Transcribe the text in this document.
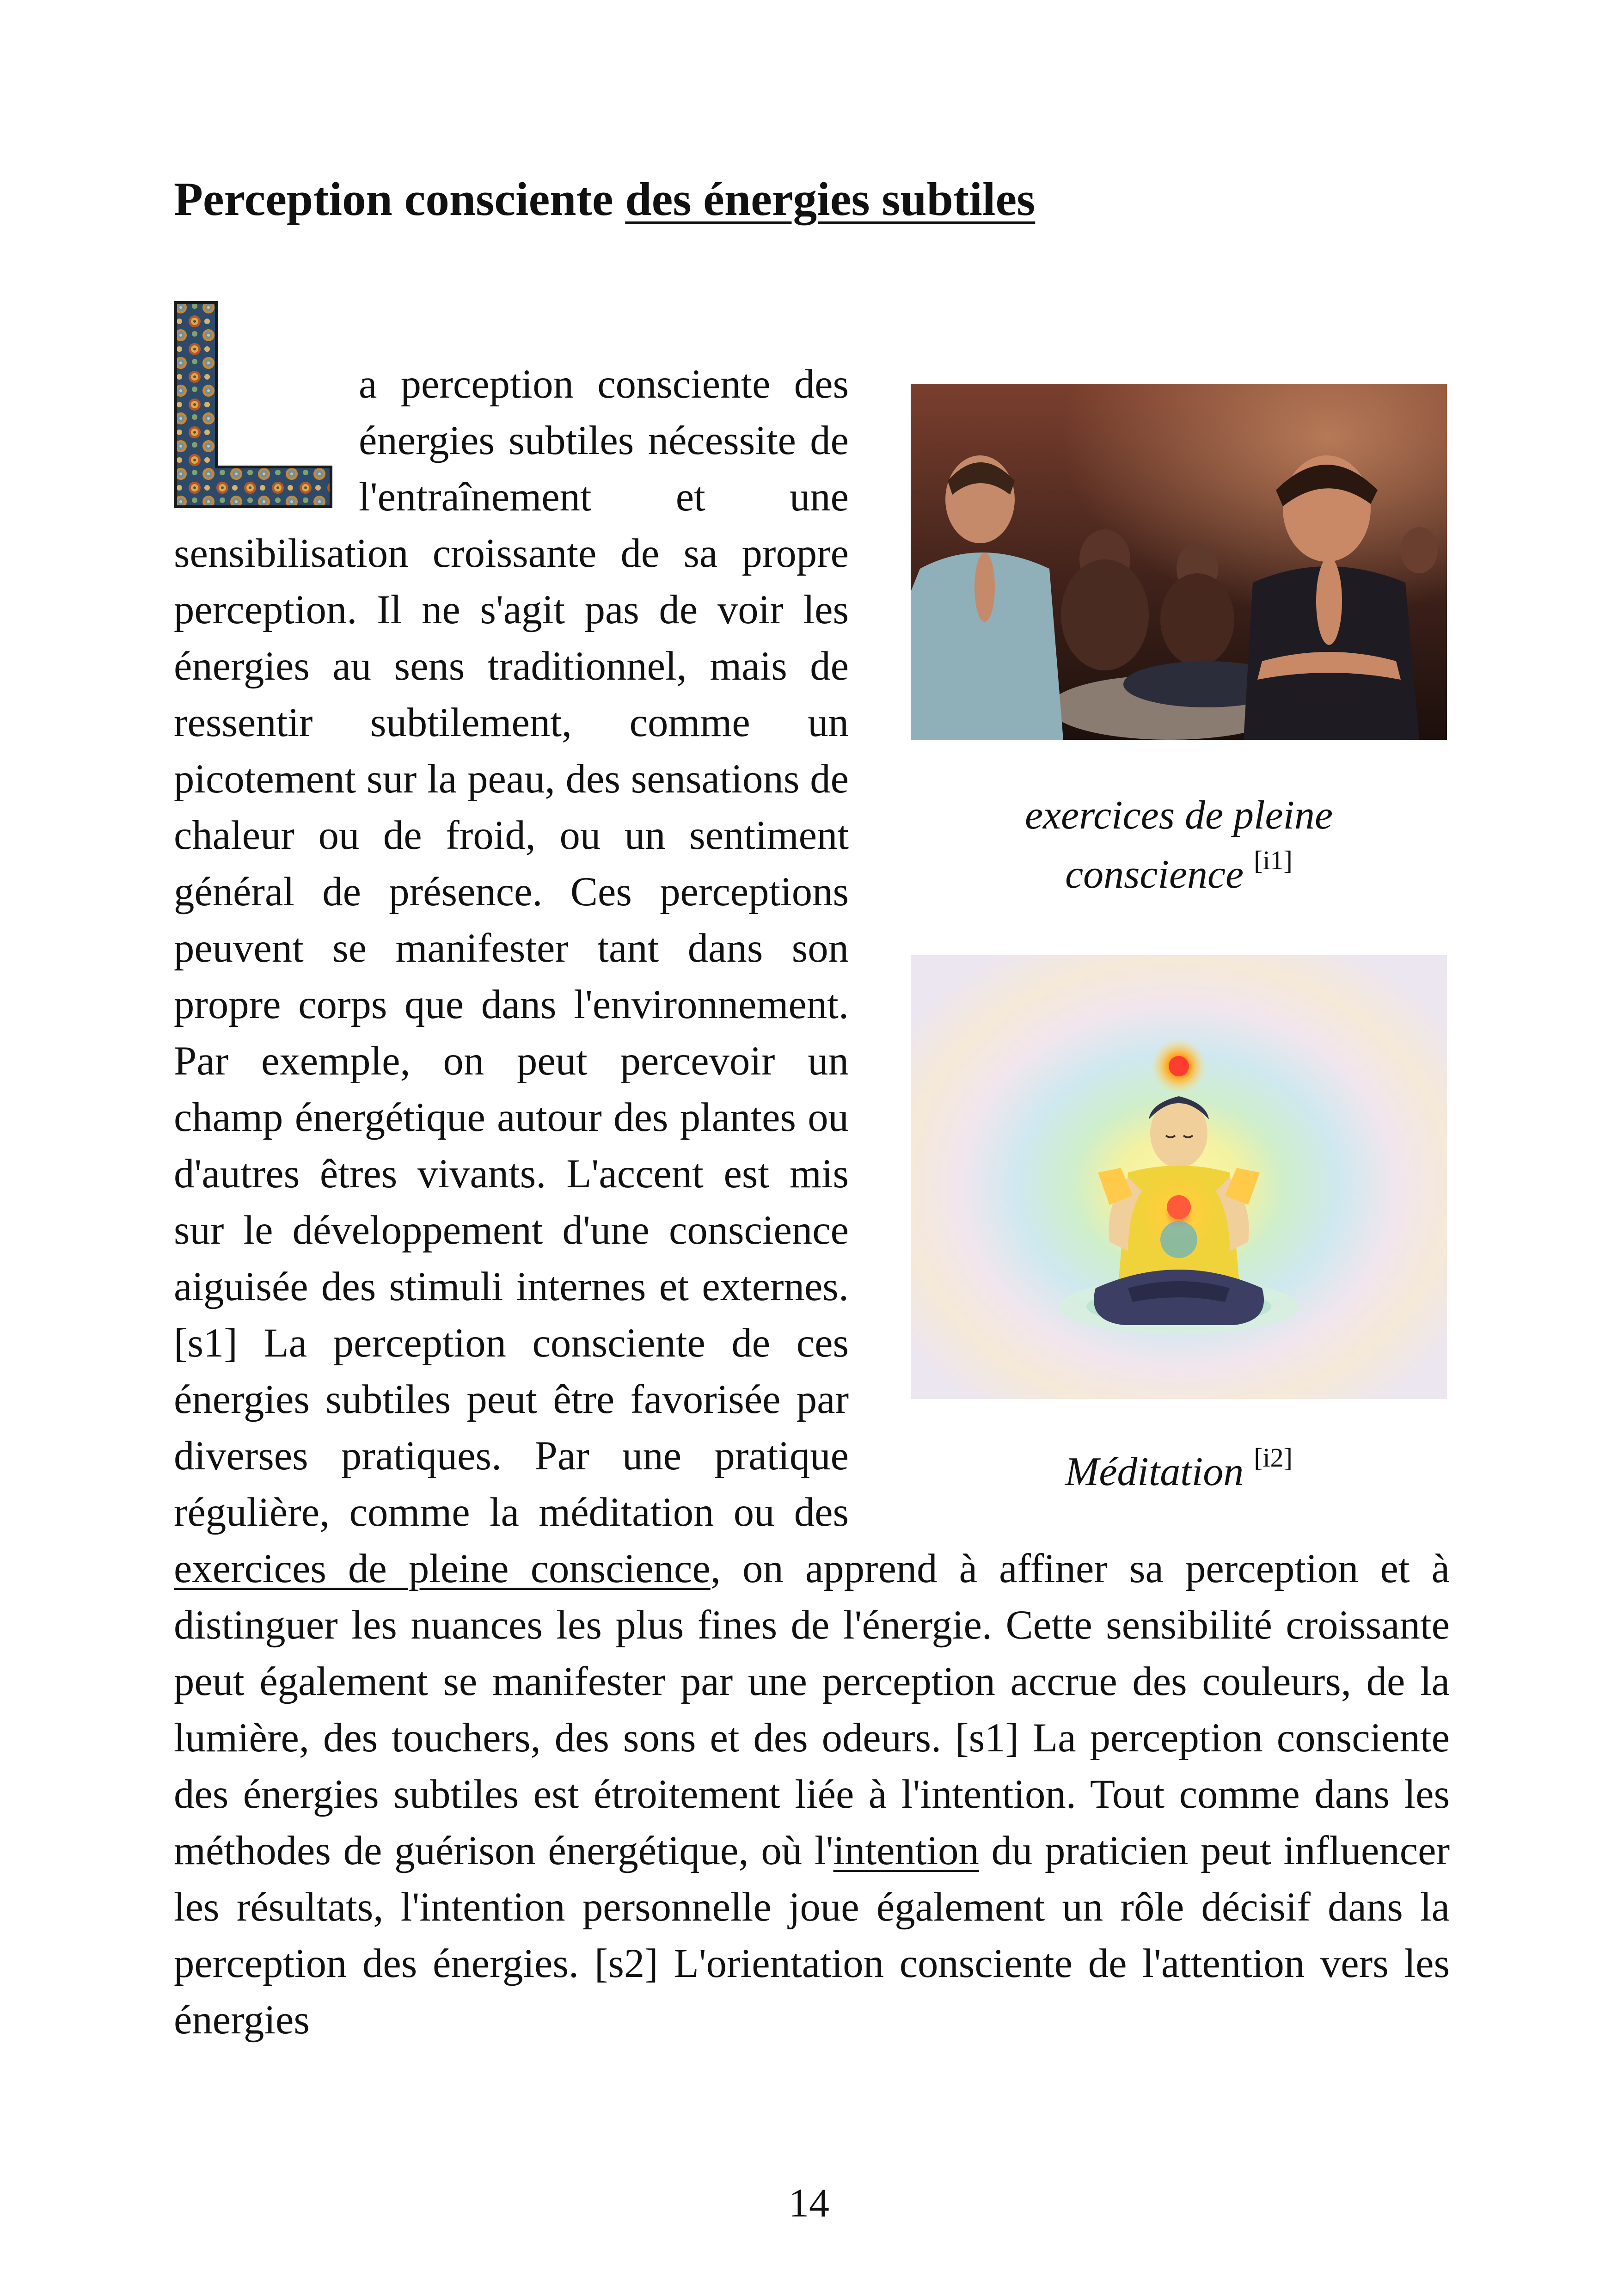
Perception consciente des énergies subtiles
a perception consciente des énergies subtiles nécessite de l'entraînement et une sensibilisation croissante de sa propre perception. Il ne s'agit pas de voir les énergies au sens traditionnel, mais de ressentir subtilement, comme un picotement sur la peau, des sensations de chaleur ou de froid, ou un sentiment général de présence. Ces perceptions peuvent se manifester tant dans son propre corps que dans l'environnement. Par exemple, on peut percevoir un champ énergétique autour des plantes ou d'autres êtres vivants. L'accent est mis sur le développement d'une conscience aiguisée des stimuli internes et externes. [s1] La perception consciente de ces énergies subtiles peut être favorisée par diverses pratiques. Par une pratique régulière, comme la méditation ou des exercices de pleine conscience, on apprend à affiner sa perception et à distinguer les nuances les plus fines de l'énergie. Cette sensibilité croissante peut également se manifester par une perception accrue des couleurs, de la lumière, des touchers, des sons et des odeurs. [s1] La perception consciente des énergies subtiles est étroitement liée à l'intention. Tout comme dans les méthodes de guérison énergétique, où l'intention du praticien peut influencer les résultats, l'intention personnelle joue également un rôle décisif dans la perception des énergies. [s2] L'orientation consciente de l'attention vers les énergies
exercices de pleine
conscience [i1]
Méditation [i2]
14
